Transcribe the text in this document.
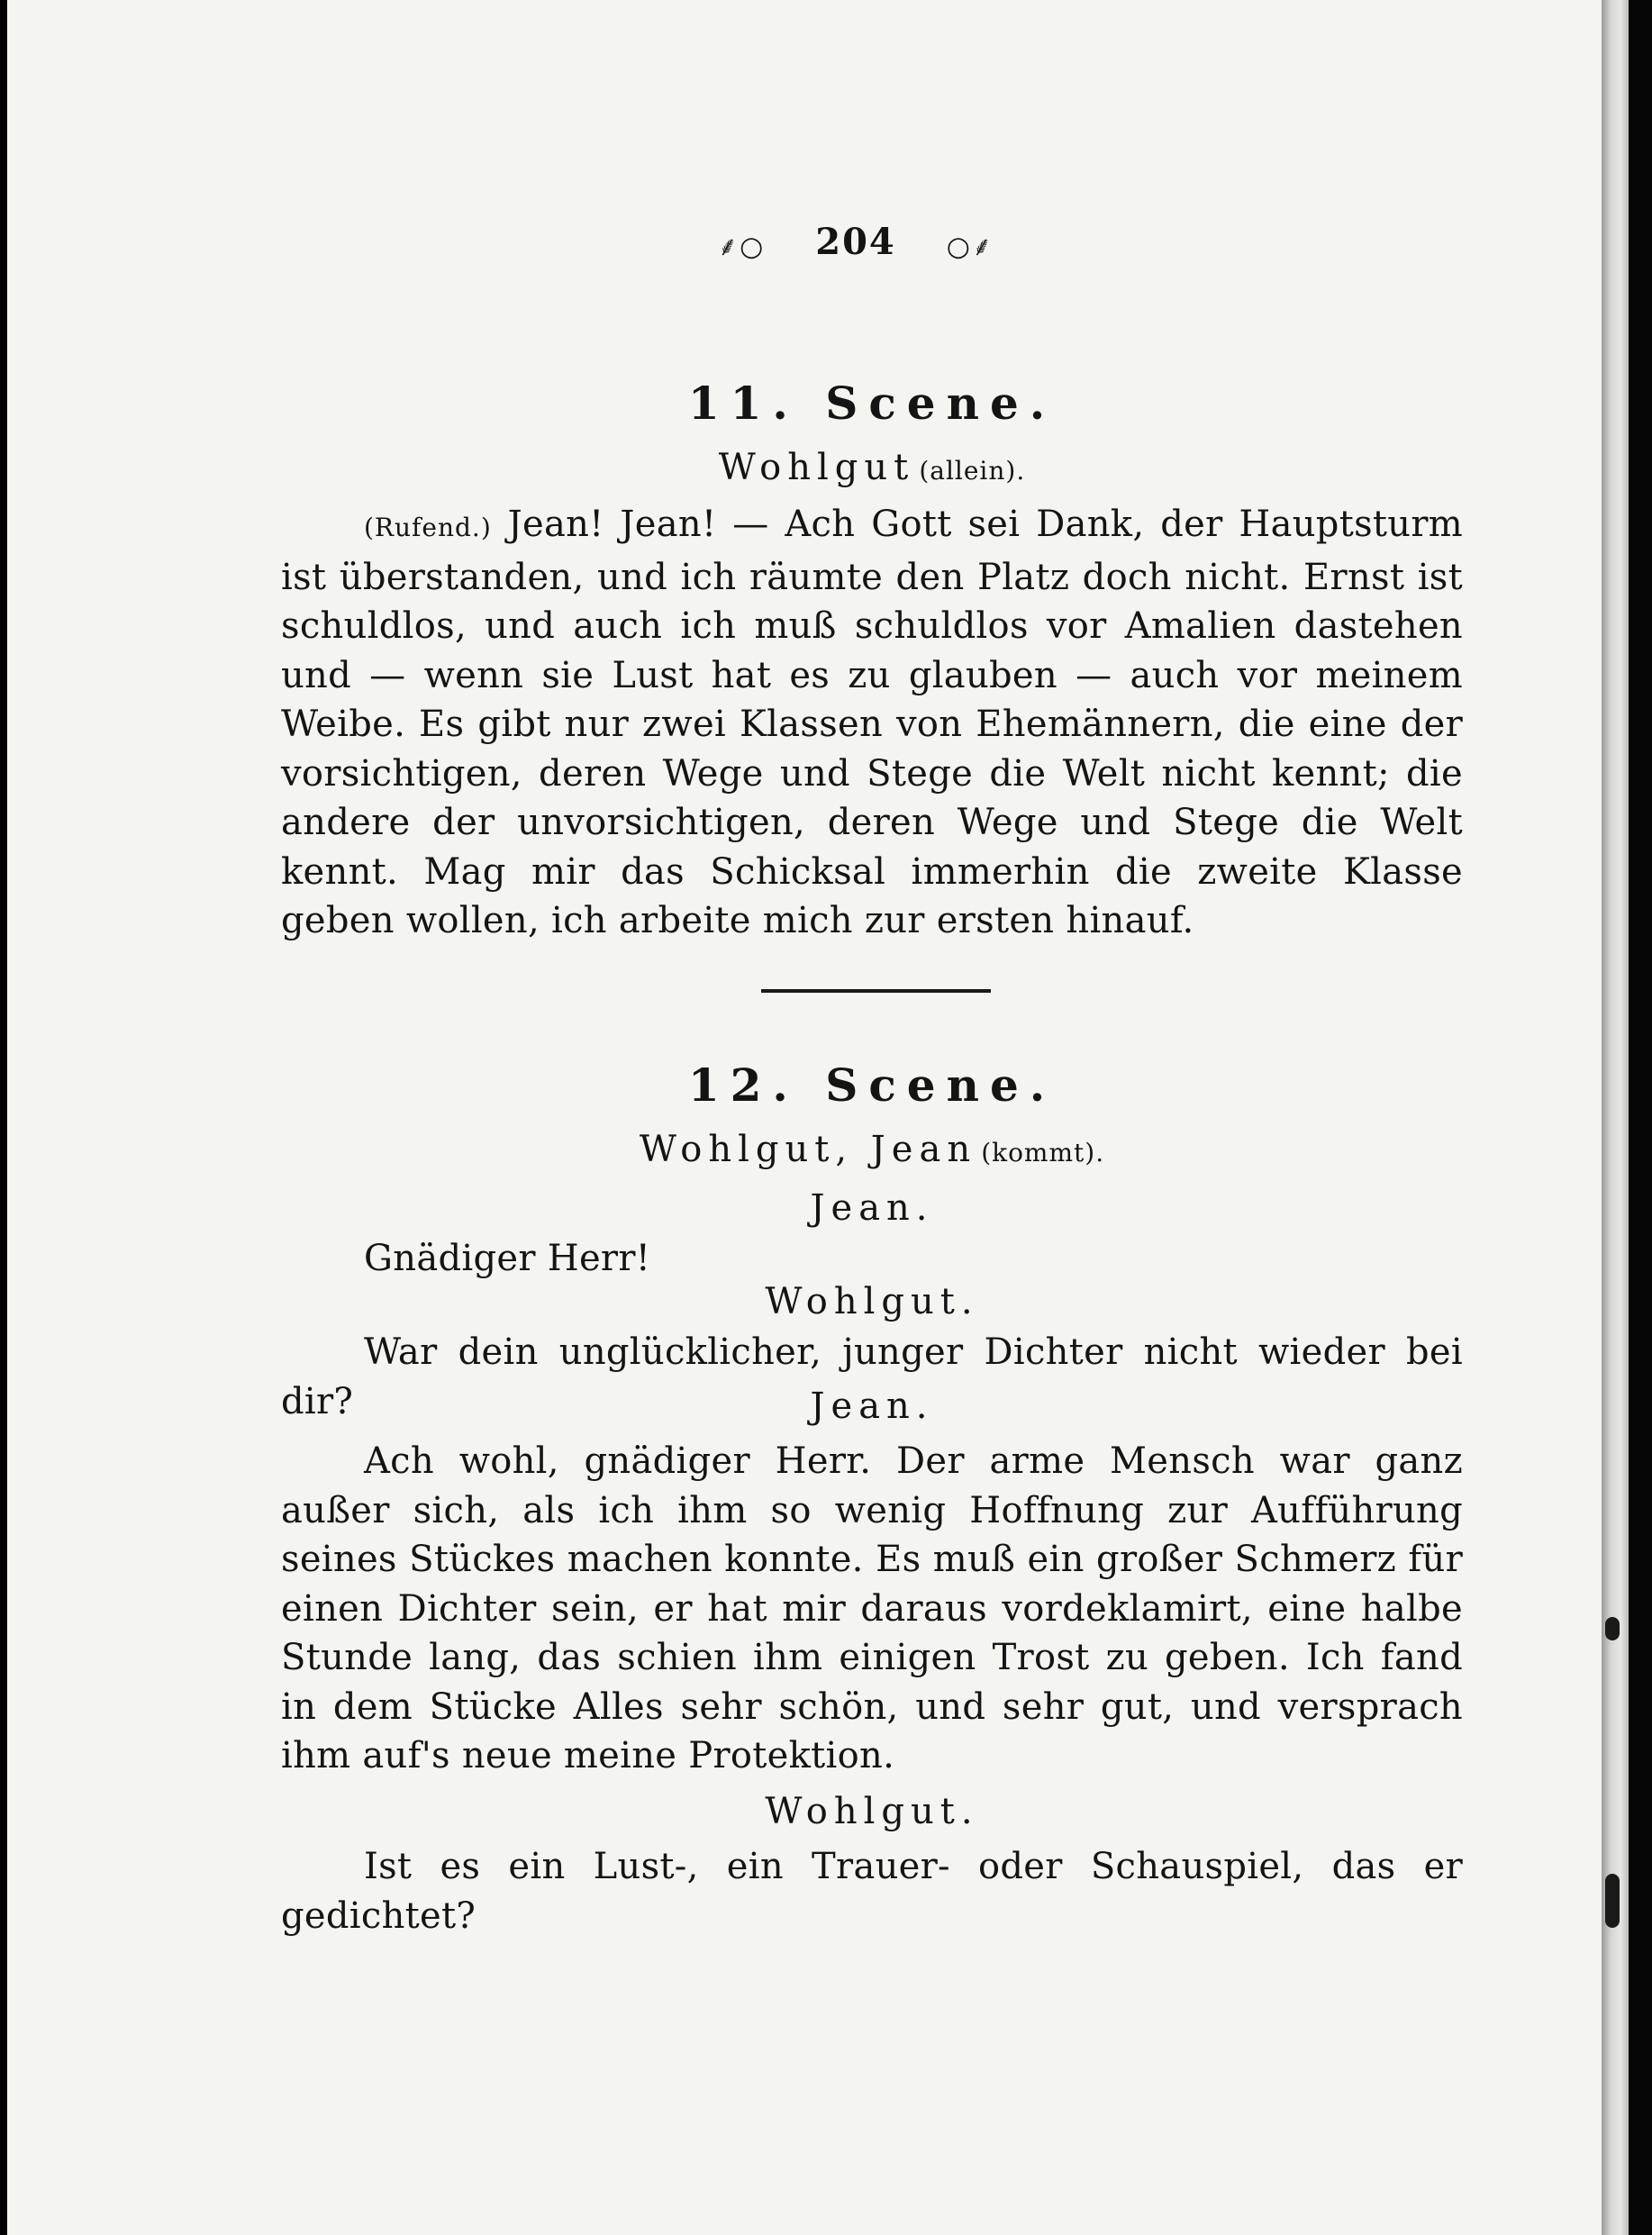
⸙○ 204 ○⸙
11. Scene.
Wohlgut (allein).

(Rufend.) Jean! Jean! — Ach Gott sei Dank, der Hauptsturm ist überstanden, und ich räumte den Platz doch nicht. Ernst ist schuldlos, und auch ich muß schuldlos vor Amalien dastehen und — wenn sie Lust hat es zu glauben — auch vor meinem Weibe. Es gibt nur zwei Klassen von Ehemännern, die eine der vorsichtigen, deren Wege und Stege die Welt nicht kennt; die andere der unvorsichtigen, deren Wege und Stege die Welt kennt. Mag mir das Schicksal immerhin die zweite Klasse geben wollen, ich arbeite mich zur ersten hinauf.

12. Scene.
Wohlgut, Jean (kommt).
Jean.

Gnädiger Herr!

Wohlgut.

War dein unglücklicher, junger Dichter nicht wieder bei dir?	Jean.

Ach wohl, gnädiger Herr. Der arme Mensch war ganz außer sich, als ich ihm so wenig Hoffnung zur Aufführung seines Stückes machen konnte. Es muß ein großer Schmerz für einen Dichter sein, er hat mir daraus vordeklamirt, eine halbe Stunde lang, das schien ihm einigen Trost zu geben. Ich fand in dem Stücke Alles sehr schön, und sehr gut, und versprach ihm auf's neue meine Protektion.

Wohlgut.

Ist es ein Lust-, ein Trauer- oder Schauspiel, das er gedichtet?
